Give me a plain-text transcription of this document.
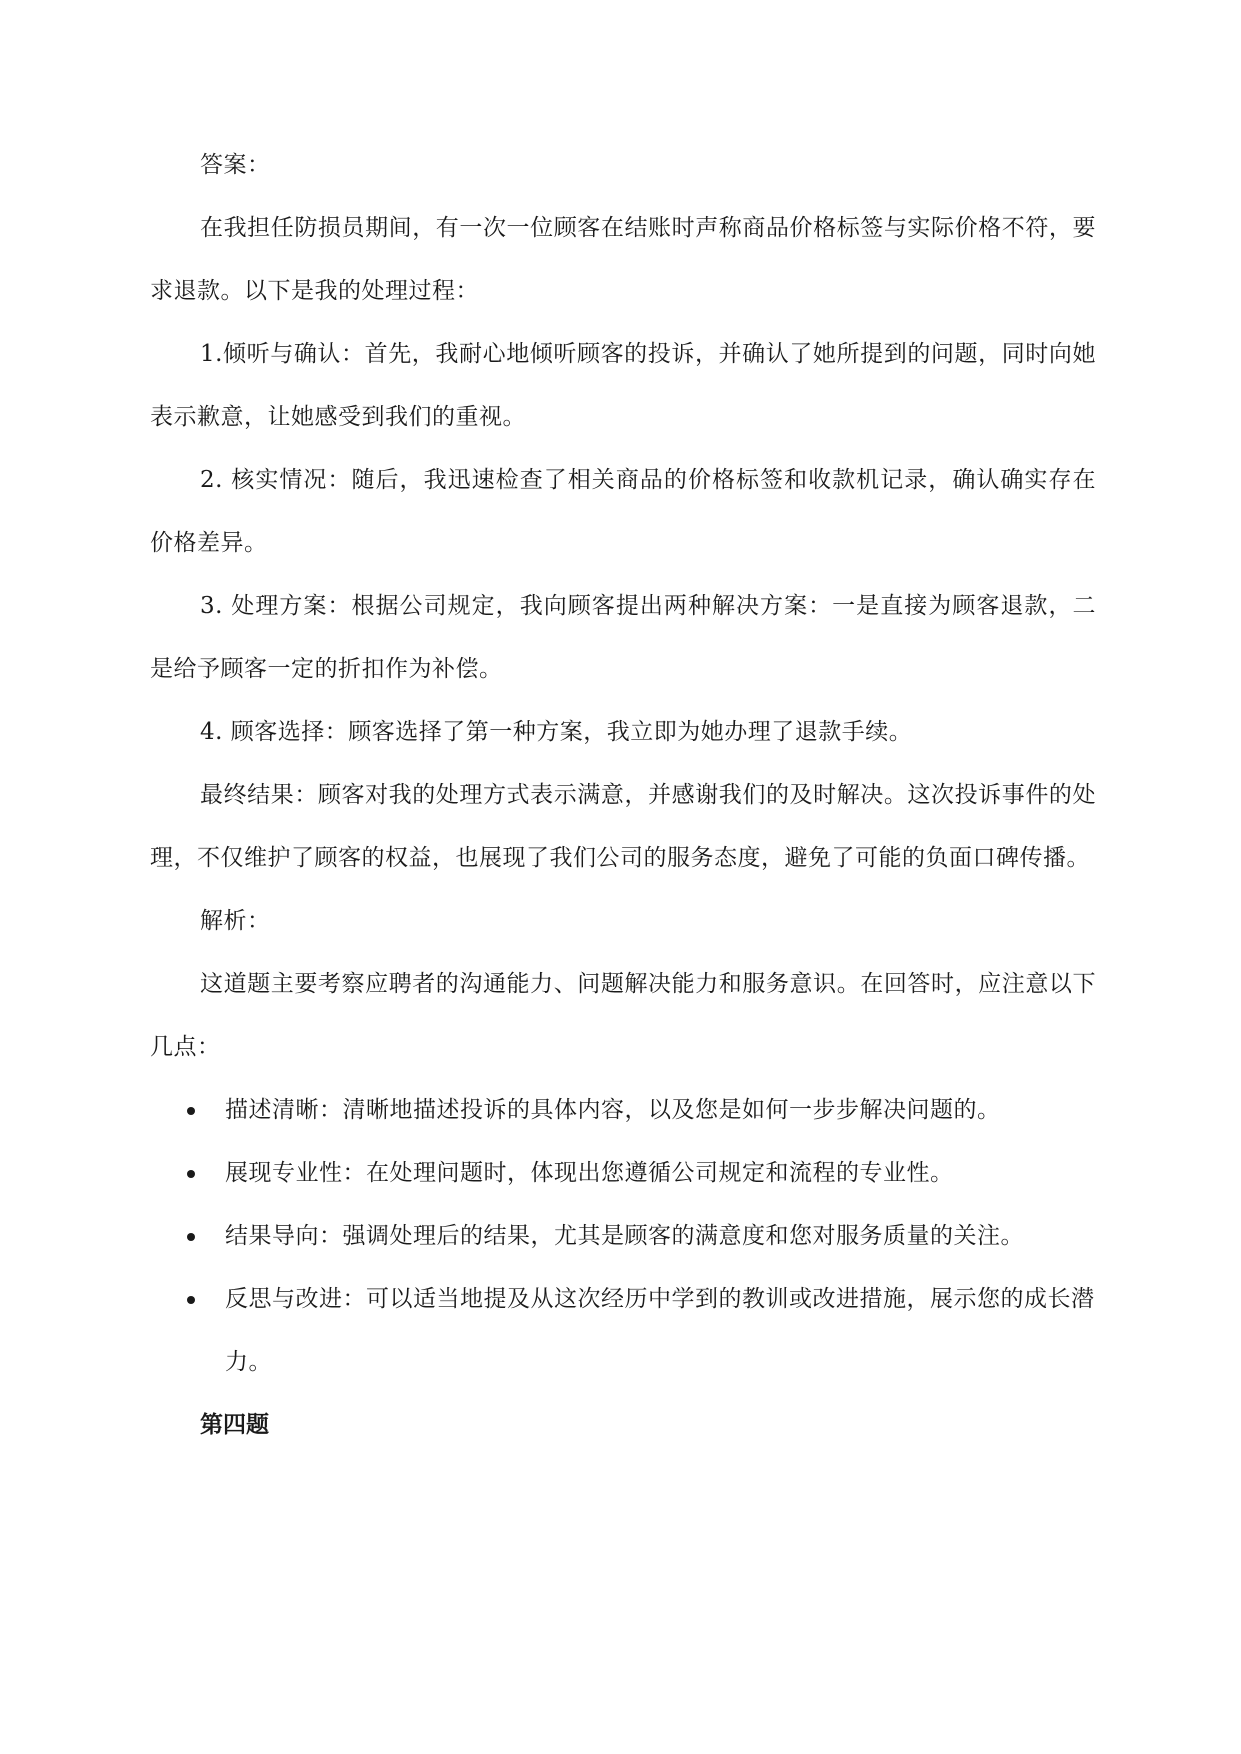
答案：

在我担任防损员期间，有一次一位顾客在结账时声称商品价格标签与实际价格不符，要求退款。以下是我的处理过程：

1.倾听与确认：首先，我耐心地倾听顾客的投诉，并确认了她所提到的问题，同时向她表示歉意，让她感受到我们的重视。

2. 核实情况：随后，我迅速检查了相关商品的价格标签和收款机记录，确认确实存在价格差异。

3. 处理方案：根据公司规定，我向顾客提出两种解决方案：一是直接为顾客退款，二是给予顾客一定的折扣作为补偿。

4. 顾客选择：顾客选择了第一种方案，我立即为她办理了退款手续。

最终结果：顾客对我的处理方式表示满意，并感谢我们的及时解决。这次投诉事件的处理，不仅维护了顾客的权益，也展现了我们公司的服务态度，避免了可能的负面口碑传播。

解析：

这道题主要考察应聘者的沟通能力、问题解决能力和服务意识。在回答时，应注意以下几点：

描述清晰：清晰地描述投诉的具体内容，以及您是如何一步步解决问题的。
展现专业性：在处理问题时，体现出您遵循公司规定和流程的专业性。
结果导向：强调处理后的结果，尤其是顾客的满意度和您对服务质量的关注。
反思与改进：可以适当地提及从这次经历中学到的教训或改进措施，展示您的成长潜力。

第四题
